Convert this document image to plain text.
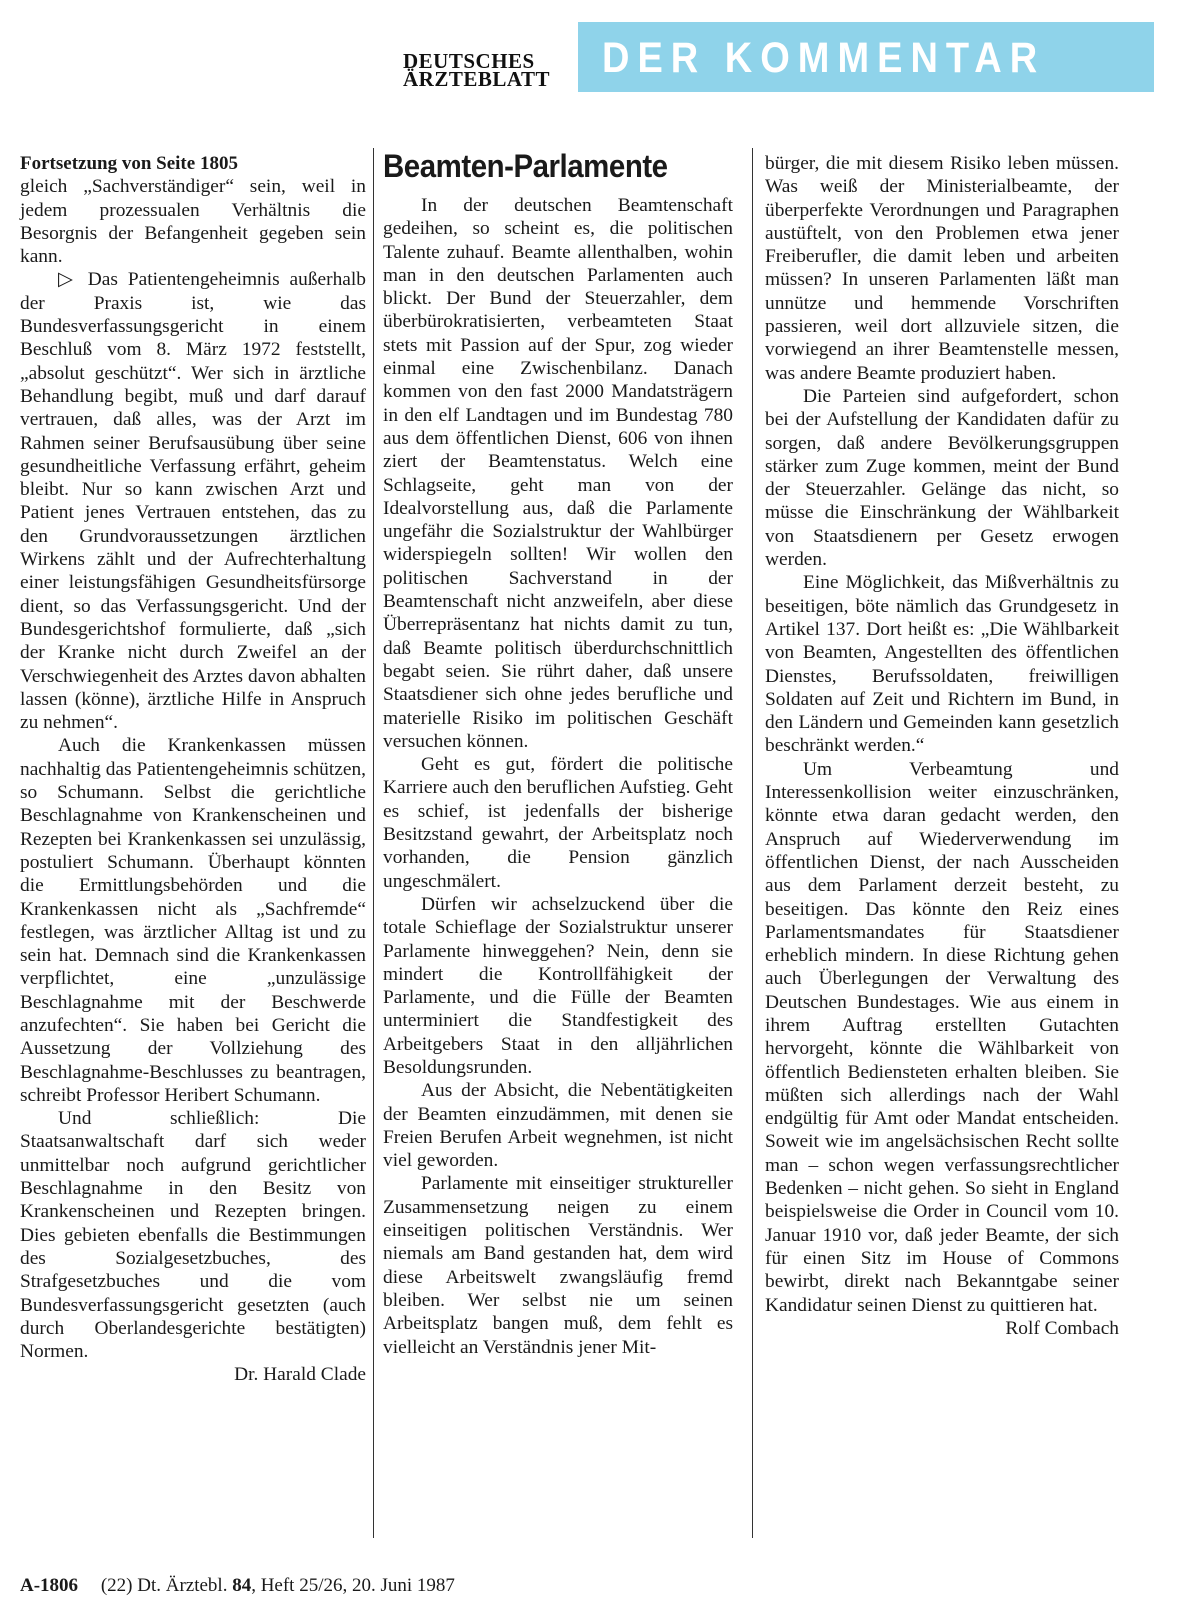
DEUTSCHES
ÄRZTEBLATT DER KOMMENTAR

Fortsetzung von Seite 1805

gleich „Sachverständiger“ sein, weil in jedem prozessualen Verhältnis die Besorgnis der Befangenheit gegeben sein kann.

▷ Das Patientengeheimnis außerhalb der Praxis ist, wie das Bundesverfassungsgericht in einem Beschluß vom 8. März 1972 feststellt, „absolut geschützt“. Wer sich in ärztliche Behandlung begibt, muß und darf darauf vertrauen, daß alles, was der Arzt im Rahmen seiner Berufsausübung über seine gesundheitliche Verfassung erfährt, geheim bleibt. Nur so kann zwischen Arzt und Patient jenes Vertrauen entstehen, das zu den Grundvoraussetzungen ärztlichen Wirkens zählt und der Aufrechterhaltung einer leistungsfähigen Gesundheitsfürsorge dient, so das Verfassungsgericht. Und der Bundesgerichtshof formulierte, daß „sich der Kranke nicht durch Zweifel an der Verschwiegenheit des Arztes davon abhalten lassen (könne), ärztliche Hilfe in Anspruch zu nehmen“.

Auch die Krankenkassen müssen nachhaltig das Patientengeheimnis schützen, so Schumann. Selbst die gerichtliche Beschlagnahme von Krankenscheinen und Rezepten bei Krankenkassen sei unzulässig, postuliert Schumann. Überhaupt könnten die Ermittlungsbehörden und die Krankenkassen nicht als „Sachfremde“ festlegen, was ärztlicher Alltag ist und zu sein hat. Demnach sind die Krankenkassen verpflichtet, eine „unzulässige Beschlagnahme mit der Beschwerde anzufechten“. Sie haben bei Gericht die Aussetzung der Vollziehung des Beschlagnahme-Beschlusses zu beantragen, schreibt Professor Heribert Schumann.

Und schließlich: Die Staatsanwaltschaft darf sich weder unmittelbar noch aufgrund gerichtlicher Beschlagnahme in den Besitz von Krankenscheinen und Rezepten bringen. Dies gebieten ebenfalls die Bestimmungen des Sozialgesetzbuches, des Strafgesetzbuches und die vom Bundesverfassungsgericht gesetzten (auch durch Oberlandesgerichte bestätigten) Normen.

Dr. Harald Clade

Beamten-Parlamente

In der deutschen Beamtenschaft gedeihen, so scheint es, die politischen Talente zuhauf. Beamte allenthalben, wohin man in den deutschen Parlamenten auch blickt. Der Bund der Steuerzahler, dem überbürokratisierten, verbeamteten Staat stets mit Passion auf der Spur, zog wieder einmal eine Zwischenbilanz. Danach kommen von den fast 2000 Mandatsträgern in den elf Landtagen und im Bundestag 780 aus dem öffentlichen Dienst, 606 von ihnen ziert der Beamtenstatus. Welch eine Schlagseite, geht man von der Idealvorstellung aus, daß die Parlamente ungefähr die Sozialstruktur der Wahlbürger widerspiegeln sollten! Wir wollen den politischen Sachverstand in der Beamtenschaft nicht anzweifeln, aber diese Überrepräsentanz hat nichts damit zu tun, daß Beamte politisch überdurchschnittlich begabt seien. Sie rührt daher, daß unsere Staatsdiener sich ohne jedes berufliche und materielle Risiko im politischen Geschäft versuchen können.

Geht es gut, fördert die politische Karriere auch den beruflichen Aufstieg. Geht es schief, ist jedenfalls der bisherige Besitzstand gewahrt, der Arbeitsplatz noch vorhanden, die Pension gänzlich ungeschmälert.

Dürfen wir achselzuckend über die totale Schieflage der Sozialstruktur unserer Parlamente hinweggehen? Nein, denn sie mindert die Kontrollfähigkeit der Parlamente, und die Fülle der Beamten unterminiert die Standfestigkeit des Arbeitgebers Staat in den alljährlichen Besoldungsrunden.

Aus der Absicht, die Nebentätigkeiten der Beamten einzudämmen, mit denen sie Freien Berufen Arbeit wegnehmen, ist nicht viel geworden.

Parlamente mit einseitiger struktureller Zusammensetzung neigen zu einem einseitigen politischen Verständnis. Wer niemals am Band gestanden hat, dem wird diese Arbeitswelt zwangsläufig fremd bleiben. Wer selbst nie um seinen Arbeitsplatz bangen muß, dem fehlt es vielleicht an Verständnis jener Mit-

bürger, die mit diesem Risiko leben müssen. Was weiß der Ministerialbeamte, der überperfekte Verordnungen und Paragraphen austüftelt, von den Problemen etwa jener Freiberufler, die damit leben und arbeiten müssen? In unseren Parlamenten läßt man unnütze und hemmende Vorschriften passieren, weil dort allzuviele sitzen, die vorwiegend an ihrer Beamtenstelle messen, was andere Beamte produziert haben.

Die Parteien sind aufgefordert, schon bei der Aufstellung der Kandidaten dafür zu sorgen, daß andere Bevölkerungsgruppen stärker zum Zuge kommen, meint der Bund der Steuerzahler. Gelänge das nicht, so müsse die Einschränkung der Wählbarkeit von Staatsdienern per Gesetz erwogen werden.

Eine Möglichkeit, das Mißverhältnis zu beseitigen, böte nämlich das Grundgesetz in Artikel 137. Dort heißt es: „Die Wählbarkeit von Beamten, Angestellten des öffentlichen Dienstes, Berufssoldaten, freiwilligen Soldaten auf Zeit und Richtern im Bund, in den Ländern und Gemeinden kann gesetzlich beschränkt werden.“

Um Verbeamtung und Interessenkollision weiter einzuschränken, könnte etwa daran gedacht werden, den Anspruch auf Wiederverwendung im öffentlichen Dienst, der nach Ausscheiden aus dem Parlament derzeit besteht, zu beseitigen. Das könnte den Reiz eines Parlamentsmandates für Staatsdiener erheblich mindern. In diese Richtung gehen auch Überlegungen der Verwaltung des Deutschen Bundestages. Wie aus einem in ihrem Auftrag erstellten Gutachten hervorgeht, könnte die Wählbarkeit von öffentlich Bediensteten erhalten bleiben. Sie müßten sich allerdings nach der Wahl endgültig für Amt oder Mandat entscheiden. Soweit wie im angelsächsischen Recht sollte man – schon wegen verfassungsrechtlicher Bedenken – nicht gehen. So sieht in England beispielsweise die Order in Council vom 10. Januar 1910 vor, daß jeder Beamte, der sich für einen Sitz im House of Commons bewirbt, direkt nach Bekanntgabe seiner Kandidatur seinen Dienst zu quittieren hat.

Rolf Combach

A-1806 (22) Dt. Ärztebl. 84, Heft 25/26, 20. Juni 1987
